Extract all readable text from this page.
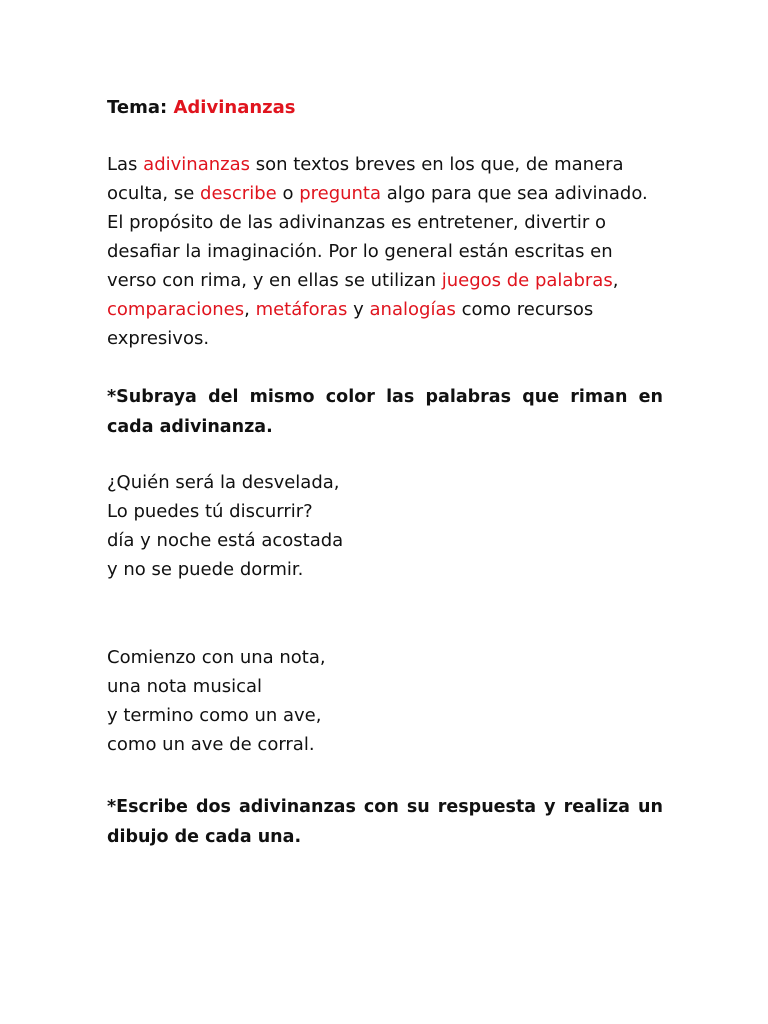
Tema: Adivinanzas
Las adivinanzas son textos breves en los que, de manera
oculta, se describe o pregunta algo para que sea adivinado.
El propósito de las adivinanzas es entretener, divertir o
desafiar la imaginación. Por lo general están escritas en
verso con rima, y en ellas se utilizan juegos de palabras,
comparaciones, metáforas y analogías como recursos
expresivos.
*Subraya del mismo color las palabras que riman en
cada adivinanza.
¿Quién será la desvelada,
Lo puedes tú discurrir?
día y noche está acostada
y no se puede dormir.
Comienzo con una nota,
una nota musical
y termino como un ave,
como un ave de corral.
*Escribe dos adivinanzas con su respuesta y realiza un
dibujo de cada una.
